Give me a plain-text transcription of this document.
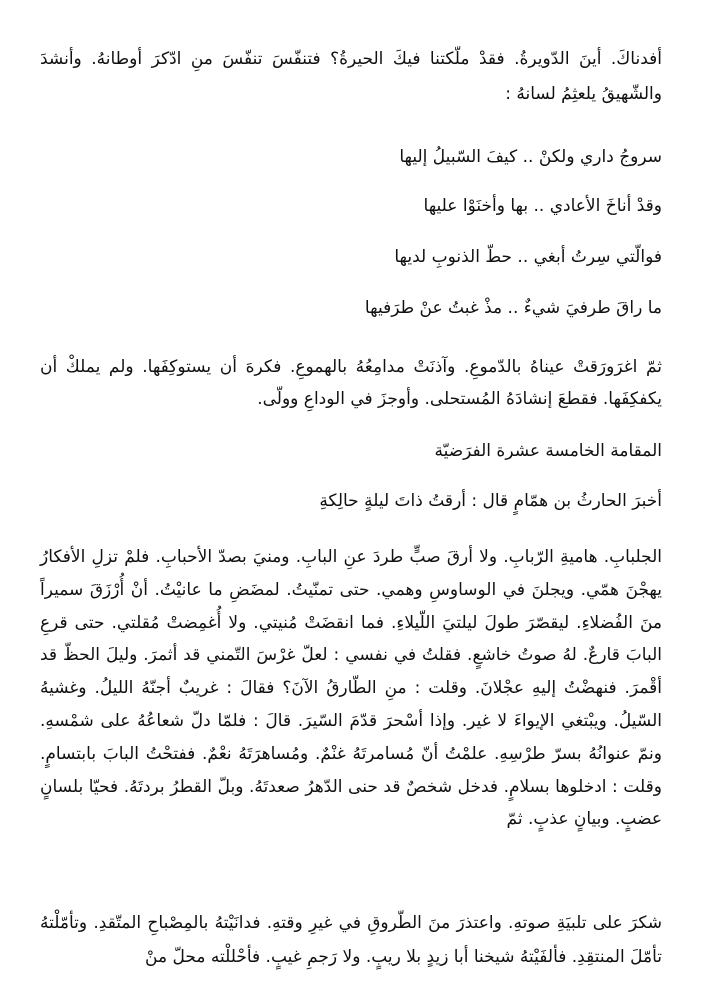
أفدناكَ. أينَ الدّويرةُ. فقدْ ملّكتنا فيكَ الحيرةُ؟ فتنفّسَ تنفّسَ منِ ادّكرَ أوطانهُ. وأنشدَ والشّهيقُ يلعثِمُ لسانهُ :

سروجُ داري ولكنْ .. كيفَ السّبيلُ إليها

وقدْ أناخَ الأعادي .. بها وأخنَوْا عليها

فوالّتي سِرتُ أبغي .. حطّ الذنوبِ لديها

ما راقَ طرفيَ شيءٌ .. مذْ غبتُ عنْ طرَفيها

ثمّ اغرَورَقتْ عيناهُ بالدّموعِ. وآذنَتْ مدامِعُهُ بالهموعِ. فكرهَ أن يستوكِفَها. ولم يملكْ أن يكفكِفَها. فقطعَ إنشادَهُ المُستحلى. وأوجزَ في الوداعِ وولّى.

المقامة الخامسة عشرة الفرَضيّة

أخبرَ الحارثُ بن همّامٍ قال : أرقتُ ذاتَ ليلةٍ حالِكةِ

الجلبابِ. هاميةِ الرّبابِ. ولا أرقَ صبٍّ طردَ عنِ البابِ. ومنيَ بصدّ الأحبابِ. فلمْ تزلِ الأفكارُ يهجْنَ همّي. ويجلنَ في الوساوسِ وهمي. حتى تمنّيتُ. لمضَضِ ما عانيْتُ. أنْ أُرْزَقَ سميراً منَ الفُضلاءِ. ليقصّرَ طولَ ليلتيَ اللّيلاءِ. فما انقضَتْ مُنيتي. ولا أُغمِضتْ مُقلتي. حتى قرعِ البابَ قارعٌ. لهُ صوتُ خاشعٍ. فقلتُ في نفسي : لعلّ غرْسَ التّمني قد أثمرَ. وليلَ الحظّ قد أقْمرَ. فنهضْتُ إليهِ عجْلانَ. وقلت : منِ الطّارقُ الآنَ؟ فقالَ : غريبٌ أجنّهُ الليلُ. وغشيهُ السّيلُ. ويبْتغي الإيواءَ لا غير. وإذا أسْحرَ قدّمَ السّيرَ. قالَ : فلمّا دلّ شعاعُهُ على شمْسهِ. ونمّ عنوانُهُ بسرّ طرْسِهِ. علمْتُ أنّ مُسامرتَهُ غنْمٌ. ومُساهرَتَهُ نعْمٌ. ففتحْتُ البابَ بابتسامٍ. وقلت : ادخلوها بسلامٍ. فدخل شخصٌ قد حنى الدّهرُ صعدتَهُ. وبلّ القطرُ بردتَهُ. فحيّا بلسانٍ عضبٍ. وبيانٍ عذبٍ. ثمّ

شكرَ على تلبيَةِ صوتهِ. واعتذرَ منَ الطّروقِ في غيرِ وقتهِ. فدانَيْتهُ بالمِصْباحِ المتّقدِ. وتأمّلْتهُ تأمّلَ المنتقِدِ. فألفَيْتهُ شيخنا أبا زيدٍ بلا ريبٍ. ولا رَجمِ غيبٍ. فأحْللْته محلّ منْ
